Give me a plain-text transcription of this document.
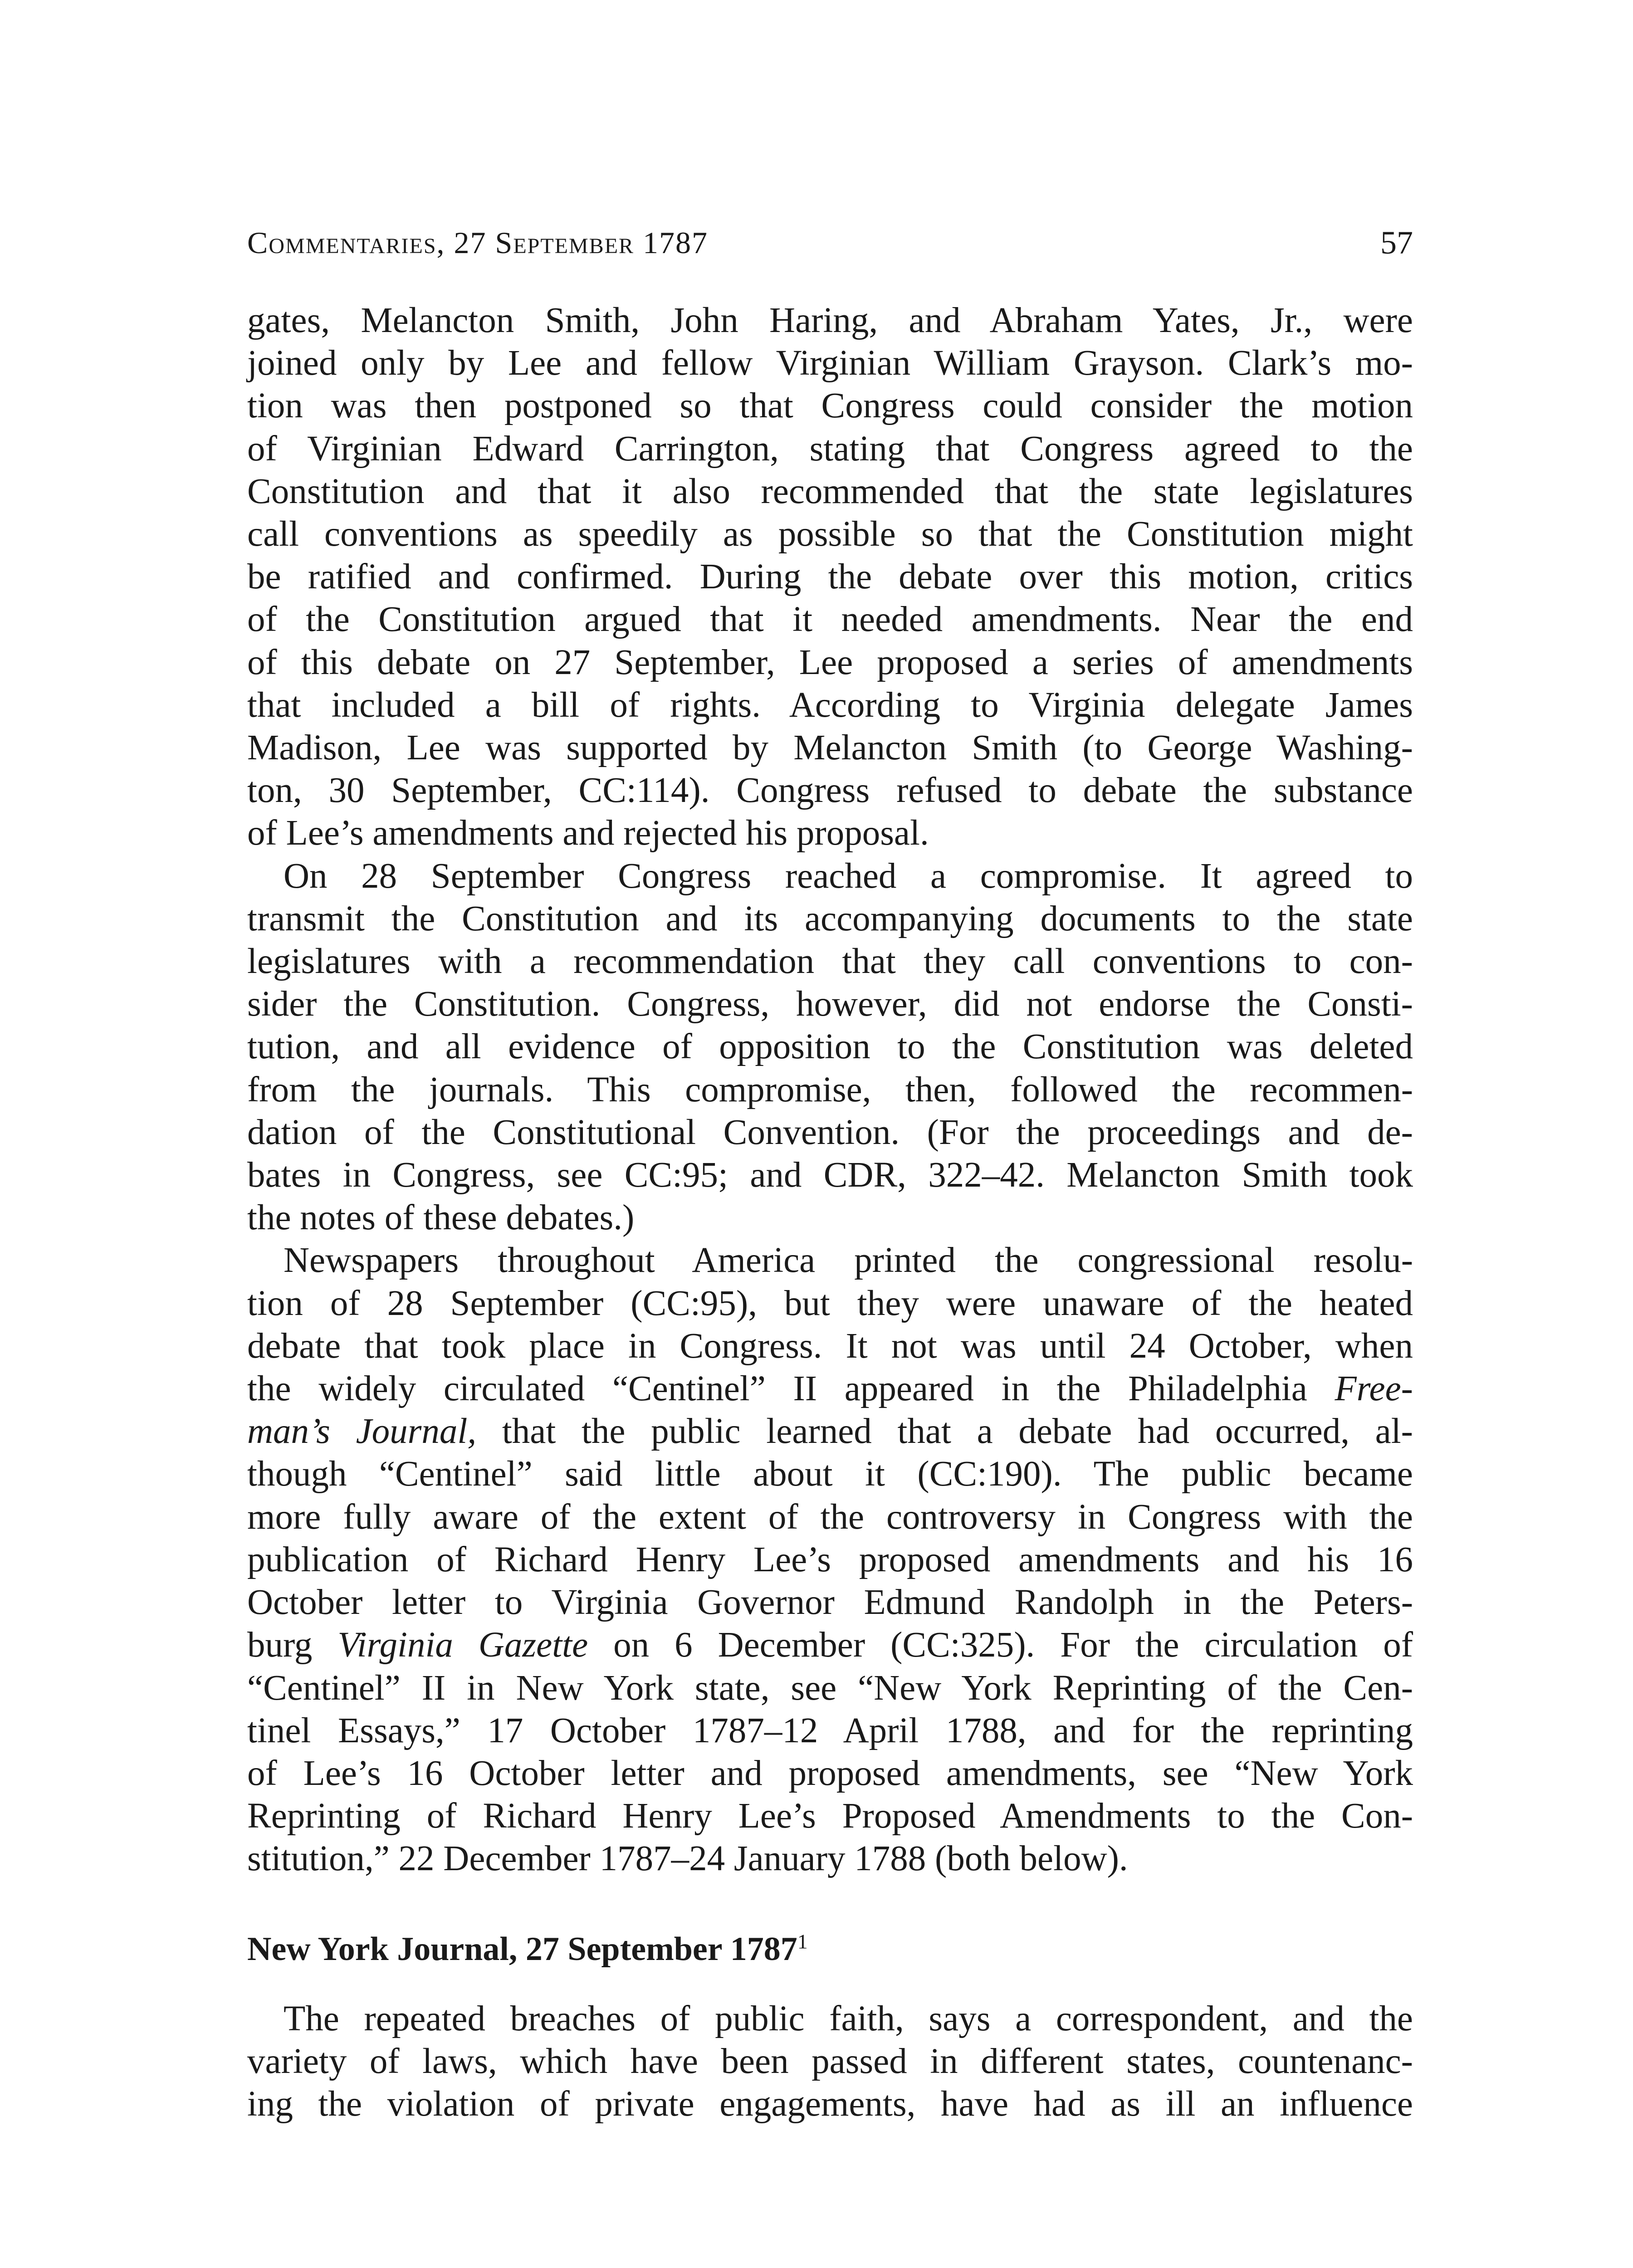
Commentaries, 27 September 1787	57

gates, Melancton Smith, John Haring, and Abraham Yates, Jr., were
joined only by Lee and fellow Virginian William Grayson. Clark’s mo-
tion was then postponed so that Congress could consider the motion
of Virginian Edward Carrington, stating that Congress agreed to the
Constitution and that it also recommended that the state legislatures
call conventions as speedily as possible so that the Constitution might
be ratified and confirmed. During the debate over this motion, critics
of the Constitution argued that it needed amendments. Near the end
of this debate on 27 September, Lee proposed a series of amendments
that included a bill of rights. According to Virginia delegate James
Madison, Lee was supported by Melancton Smith (to George Washing-
ton, 30 September, CC:114). Congress refused to debate the substance
of Lee’s amendments and rejected his proposal.

On 28 September Congress reached a compromise. It agreed to
transmit the Constitution and its accompanying documents to the state
legislatures with a recommendation that they call conventions to con-
sider the Constitution. Congress, however, did not endorse the Consti-
tution, and all evidence of opposition to the Constitution was deleted
from the journals. This compromise, then, followed the recommen-
dation of the Constitutional Convention. (For the proceedings and de-
bates in Congress, see CC:95; and CDR, 322–42. Melancton Smith took
the notes of these debates.)

Newspapers throughout America printed the congressional resolu-
tion of 28 September (CC:95), but they were unaware of the heated
debate that took place in Congress. It not was until 24 October, when
the widely circulated “Centinel” II appeared in the Philadelphia Free-
man’s Journal, that the public learned that a debate had occurred, al-
though “Centinel” said little about it (CC:190). The public became
more fully aware of the extent of the controversy in Congress with the
publication of Richard Henry Lee’s proposed amendments and his 16
October letter to Virginia Governor Edmund Randolph in the Peters-
burg Virginia Gazette on 6 December (CC:325). For the circulation of
“Centinel” II in New York state, see “New York Reprinting of the Cen-
tinel Essays,” 17 October 1787–12 April 1788, and for the reprinting
of Lee’s 16 October letter and proposed amendments, see “New York
Reprinting of Richard Henry Lee’s Proposed Amendments to the Con-
stitution,” 22 December 1787–24 January 1788 (both below).

New York Journal, 27 September 1787$^1$

The repeated breaches of public faith, says a correspondent, and the
variety of laws, which have been passed in different states, countenanc-
ing the violation of private engagements, have had as ill an influence
